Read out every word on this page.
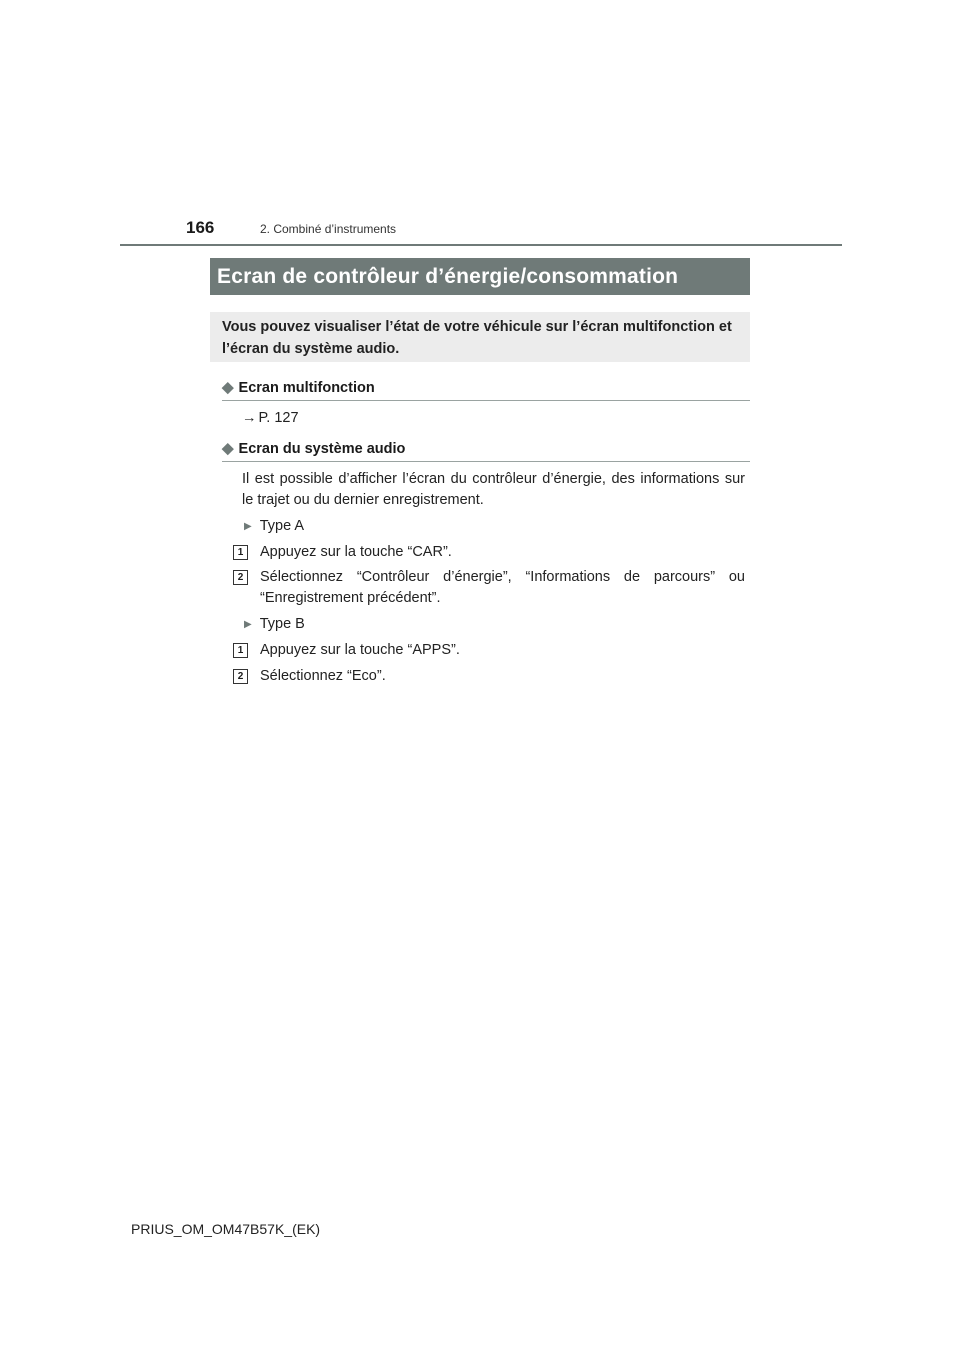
166	2. Combiné d’instruments
Ecran de contrôleur d’énergie/consommation
Vous pouvez visualiser l’état de votre véhicule sur l’écran multifonction et l’écran du système audio.
◆ Ecran multifonction
→ P. 127
◆ Ecran du système audio
Il est possible d’afficher l’écran du contrôleur d’énergie, des informations sur le trajet ou du dernier enregistrement.
▶ Type A
1	Appuyez sur la touche “CAR”.
2	Sélectionnez “Contrôleur d’énergie”, “Informations de parcours” ou “Enregistrement précédent”.
▶ Type B
1	Appuyez sur la touche “APPS”.
2	Sélectionnez “Eco”.
PRIUS_OM_OM47B57K_(EK)
